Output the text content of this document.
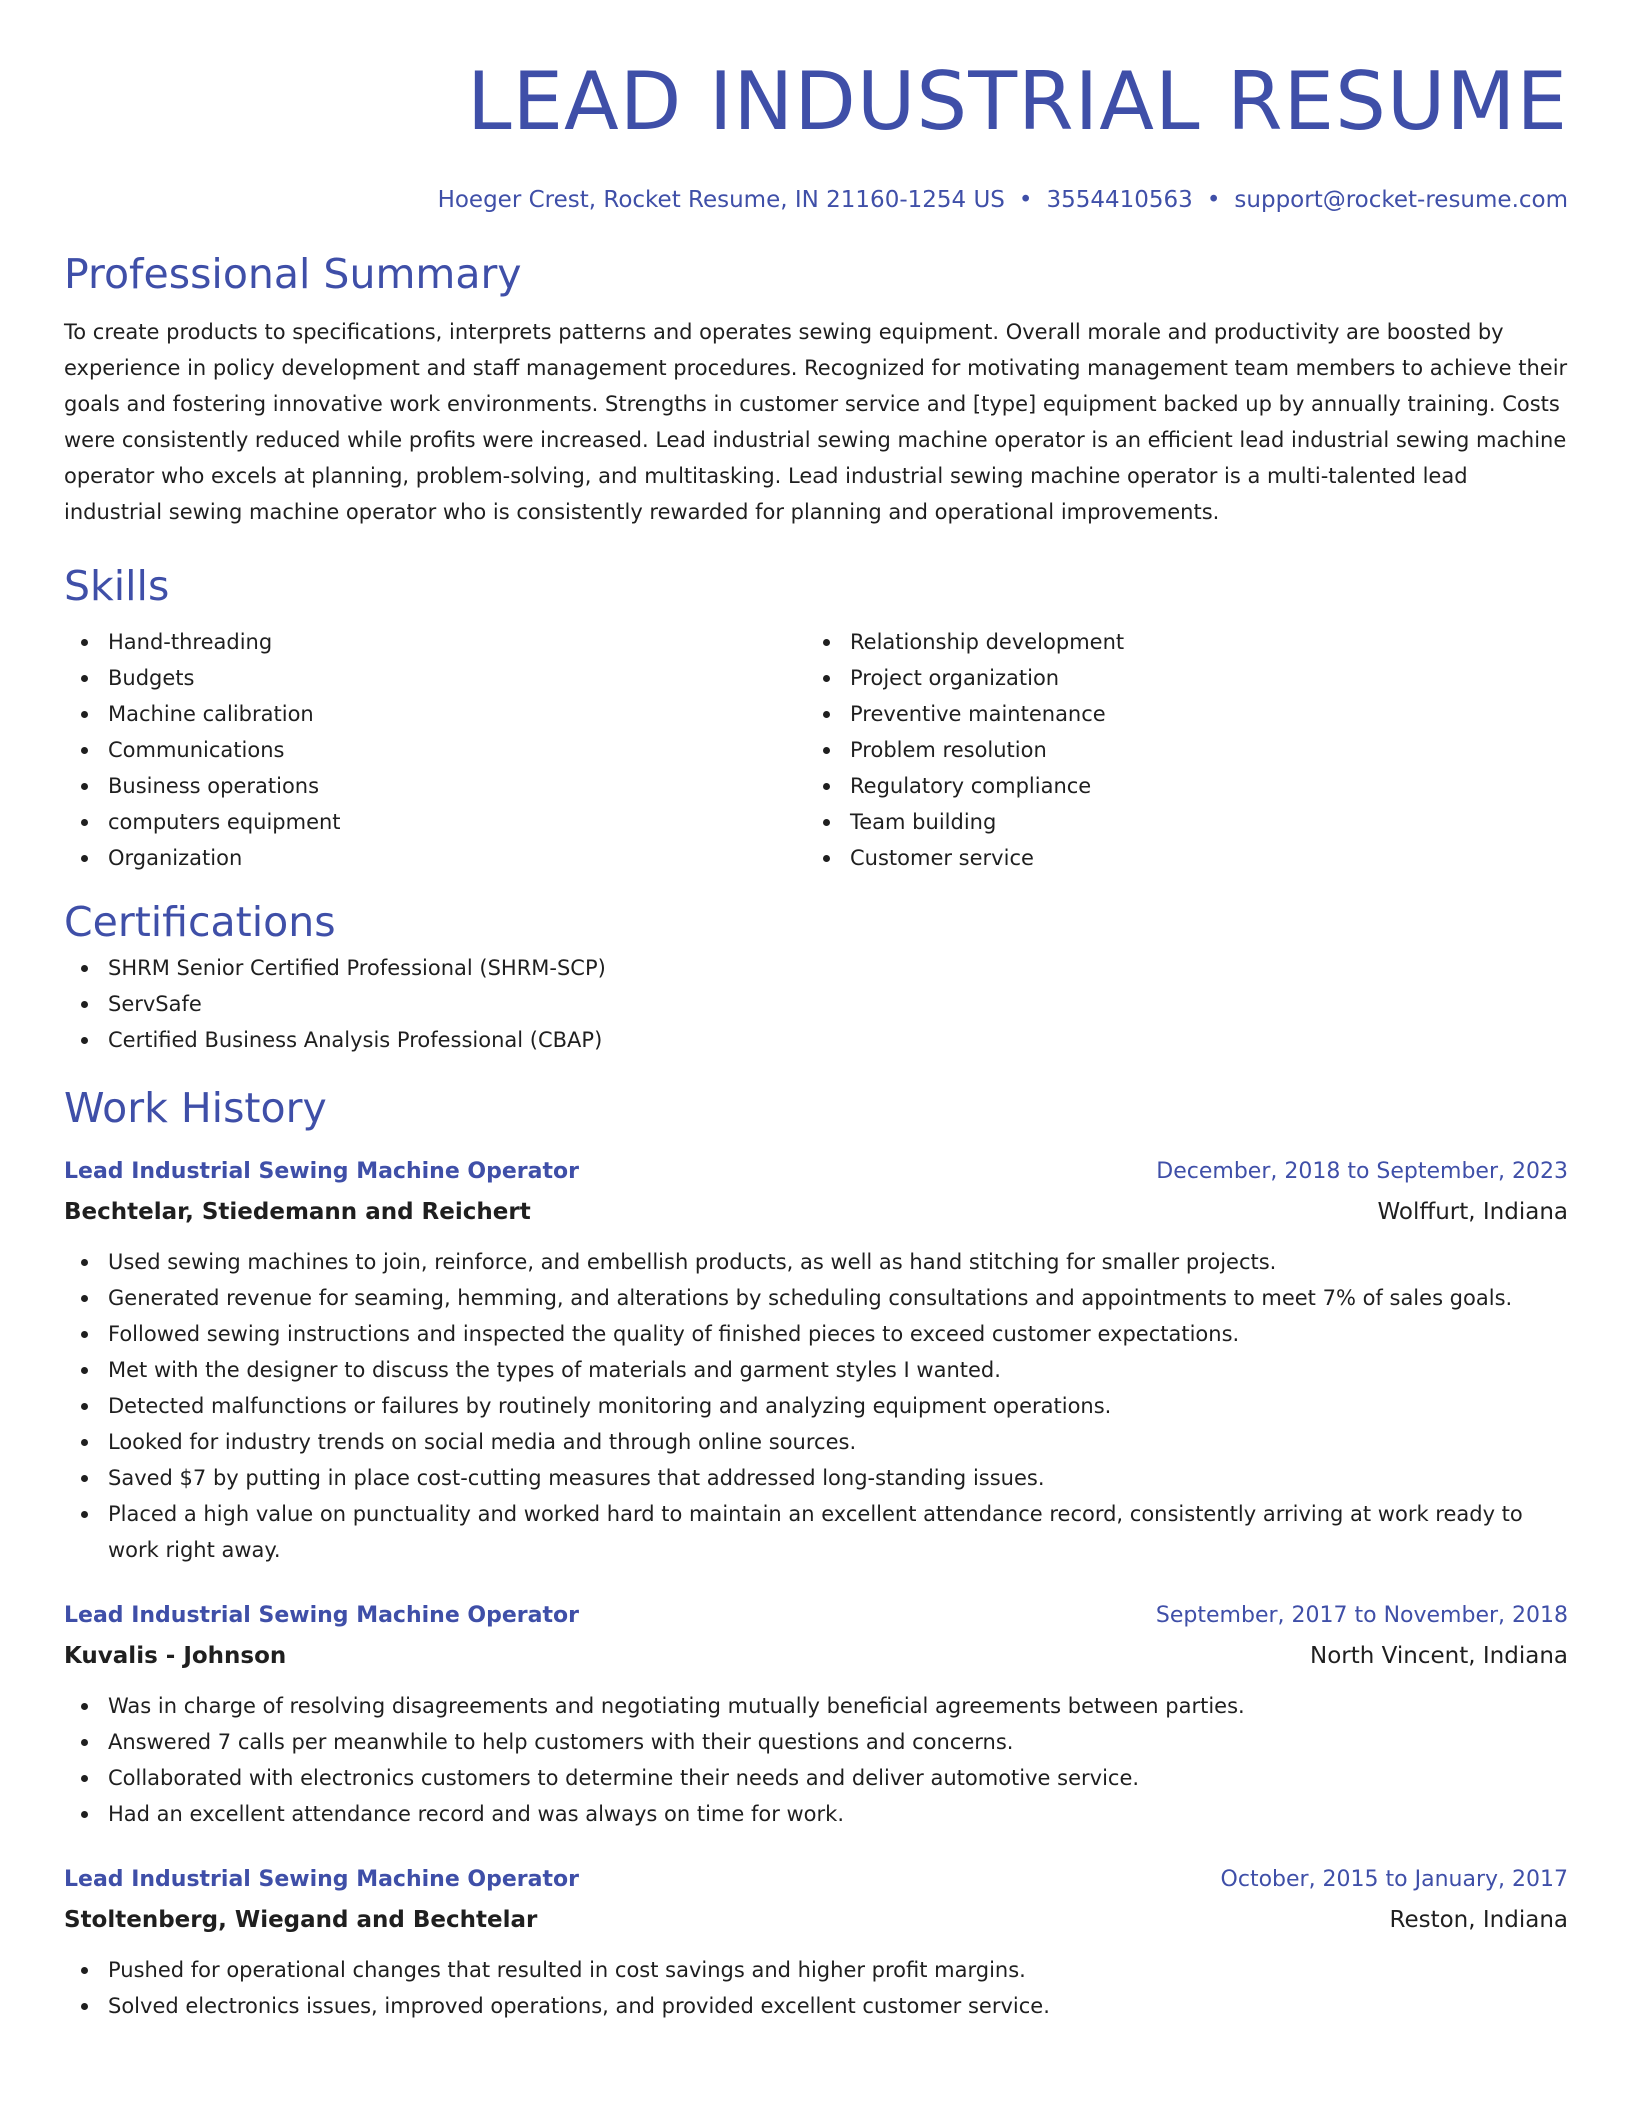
LEAD INDUSTRIAL RESUME
Hoeger Crest, Rocket Resume, IN 21160-1254 US • 3554410563 • support@rocket-resume.com
Professional Summary

To create products to specifications, interprets patterns and operates sewing equipment. Overall morale and productivity are boosted by experience in policy development and staff management procedures. Recognized for motivating management team members to achieve their goals and fostering innovative work environments. Strengths in customer service and [type] equipment backed up by annually training. Costs were consistently reduced while profits were increased. Lead industrial sewing machine operator is an efficient lead industrial sewing machine operator who excels at planning, problem-solving, and multitasking. Lead industrial sewing machine operator is a multi-talented lead industrial sewing machine operator who is consistently rewarded for planning and operational improvements.

Skills
Hand-threading
Budgets
Machine calibration
Communications
Business operations
computers equipment
Organization
Relationship development
Project organization
Preventive maintenance
Problem resolution
Regulatory compliance
Team building
Customer service
Certifications
SHRM Senior Certified Professional (SHRM-SCP)
ServSafe
Certified Business Analysis Professional (CBAP)
Work History
Lead Industrial Sewing Machine Operator	December, 2018 to September, 2023
Bechtelar, Stiedemann and Reichert	Wolffurt, Indiana
Used sewing machines to join, reinforce, and embellish products, as well as hand stitching for smaller projects.
Generated revenue for seaming, hemming, and alterations by scheduling consultations and appointments to meet 7% of sales goals.
Followed sewing instructions and inspected the quality of finished pieces to exceed customer expectations.
Met with the designer to discuss the types of materials and garment styles I wanted.
Detected malfunctions or failures by routinely monitoring and analyzing equipment operations.
Looked for industry trends on social media and through online sources.
Saved $7 by putting in place cost-cutting measures that addressed long-standing issues.
Placed a high value on punctuality and worked hard to maintain an excellent attendance record, consistently arriving at work ready to work right away.
Lead Industrial Sewing Machine Operator	September, 2017 to November, 2018
Kuvalis - Johnson	North Vincent, Indiana
Was in charge of resolving disagreements and negotiating mutually beneficial agreements between parties.
Answered 7 calls per meanwhile to help customers with their questions and concerns.
Collaborated with electronics customers to determine their needs and deliver automotive service.
Had an excellent attendance record and was always on time for work.
Lead Industrial Sewing Machine Operator	October, 2015 to January, 2017
Stoltenberg, Wiegand and Bechtelar	Reston, Indiana
Pushed for operational changes that resulted in cost savings and higher profit margins.
Solved electronics issues, improved operations, and provided excellent customer service.
